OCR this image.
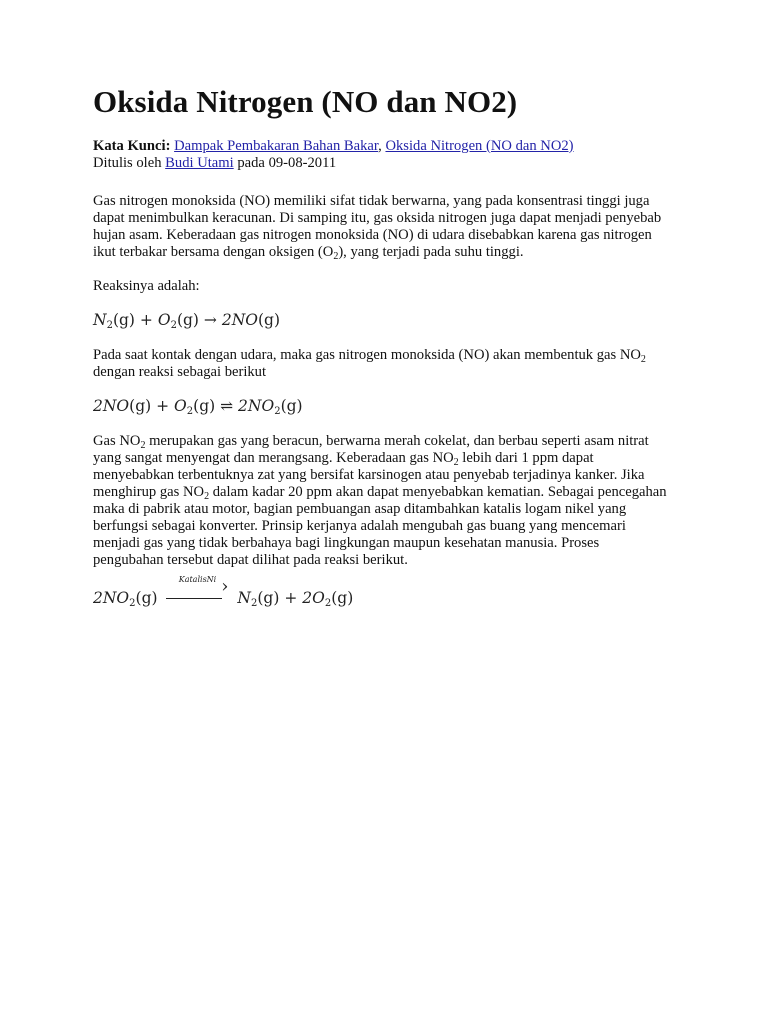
Oksida Nitrogen (NO dan NO2)
Kata Kunci: Dampak Pembakaran Bahan Bakar, Oksida Nitrogen (NO dan NO2)
Ditulis oleh Budi Utami pada 09-08-2011

Gas nitrogen monoksida (NO) memiliki sifat tidak berwarna, yang pada konsentrasi tinggi juga dapat menimbulkan keracunan. Di samping itu, gas oksida nitrogen juga dapat menjadi penyebab hujan asam. Keberadaan gas nitrogen monoksida (NO) di udara disebabkan karena gas nitrogen ikut terbakar bersama dengan oksigen $(O_2)$, yang terjadi pada suhu tinggi.

Reaksinya adalah:

$N_2(g) + O_2(g) \to 2NO(g)$

Pada saat kontak dengan udara, maka gas nitrogen monoksida (NO) akan membentuk gas $NO_2$ dengan reaksi sebagai berikut

$2NO(g) + O_2(g)$ ⇌ $2NO_2(g)$

Gas $NO_2$ merupakan gas yang beracun, berwarna merah cokelat, dan berbau seperti asam nitrat yang sangat menyengat dan merangsang. Keberadaan gas $NO_2$ lebih dari 1 ppm dapat menyebabkan terbentuknya zat yang bersifat karsinogen atau penyebab terjadinya kanker. Jika menghirup gas $NO_2$ dalam kadar 20 ppm akan dapat menyebabkan kematian. Sebagai pencegahan maka di pabrik atau motor, bagian pembuangan asap ditambahkan katalis logam nikel yang berfungsi sebagai konverter. Prinsip kerjanya adalah mengubah gas buang yang mencemari menjadi gas yang tidak berbahaya bagi lingkungan maupun kesehatan manusia. Proses pengubahan tersebut dapat dilihat pada reaksi berikut.

$2NO_2(g)$
KatalisNi
› $N_2(g) + 2O_2(g)$
